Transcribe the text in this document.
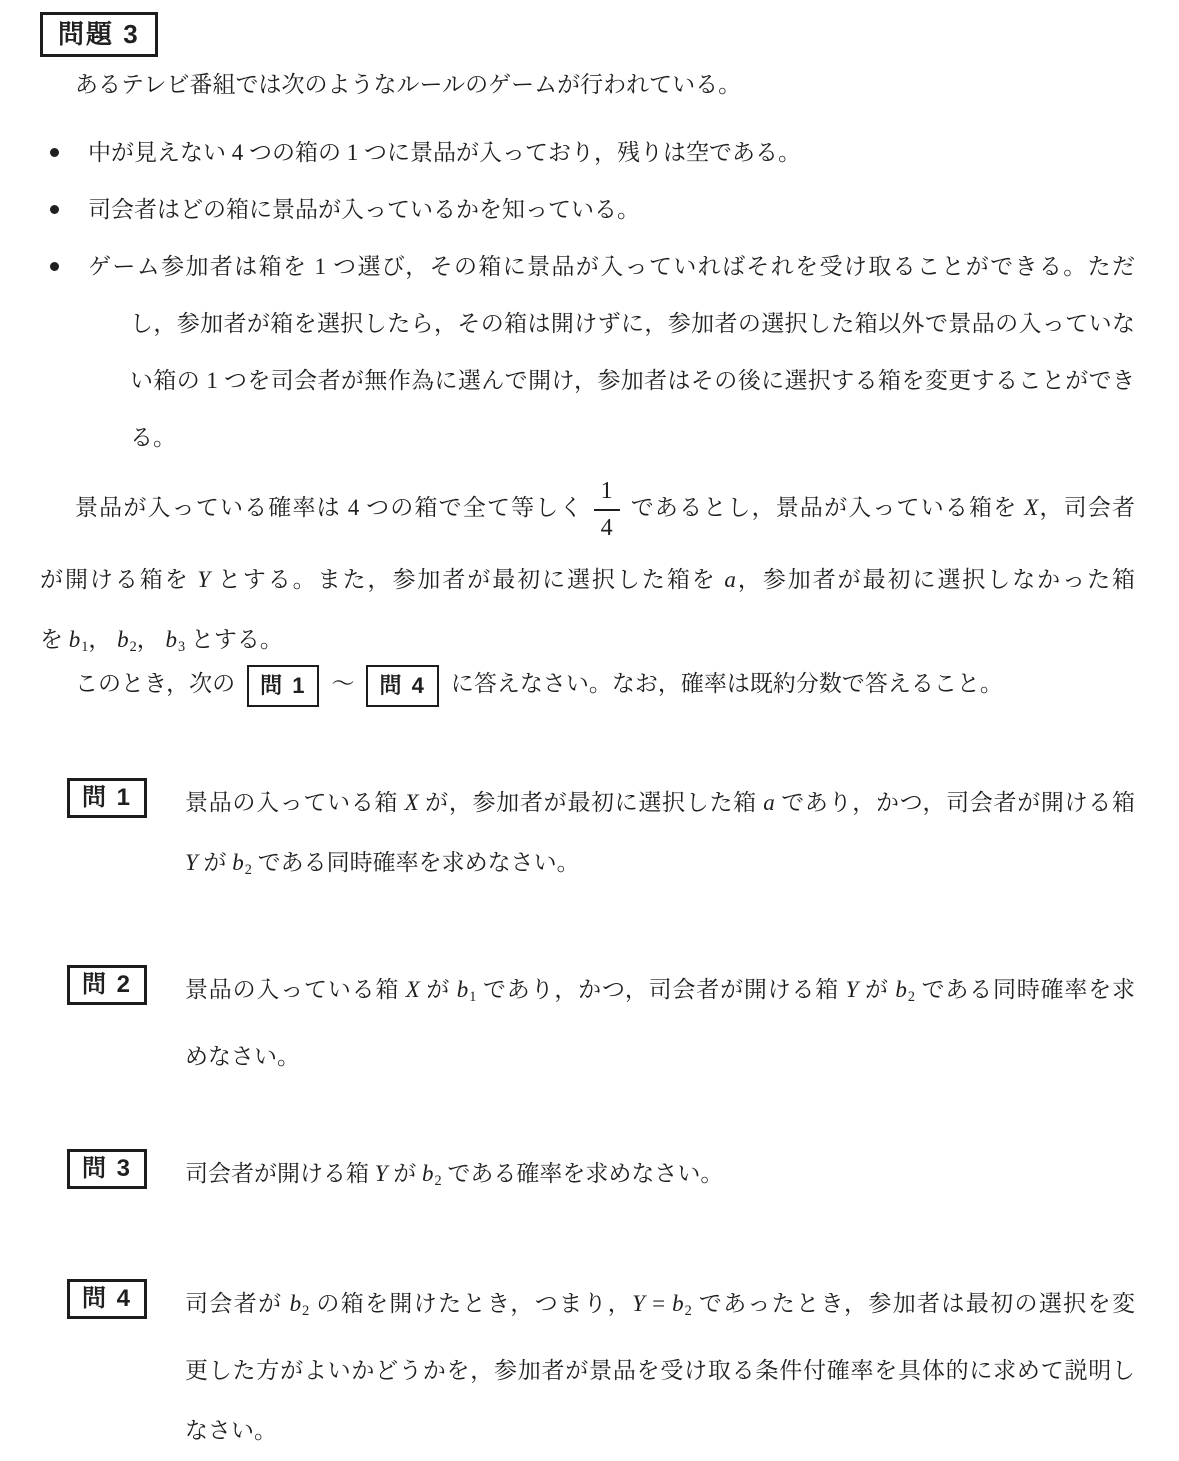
問題 3
あるテレビ番組では次のようなルールのゲームが行われている。
中が見えない 4 つの箱の 1 つに景品が入っており，残りは空である。
司会者はどの箱に景品が入っているかを知っている。
ゲーム参加者は箱を 1 つ選び，その箱に景品が入っていればそれを受け取ることができる。ただ
し，参加者が箱を選択したら，その箱は開けずに，参加者の選択した箱以外で景品の入っていな
い箱の 1 つを司会者が無作為に選んで開け，参加者はその後に選択する箱を変更することができ
る。
景品が入っている確率は 4 つの箱で全て等しく $\frac{1}{4}$ であるとし，景品が入っている箱を X，司会者
が開ける箱を Y とする。また，参加者が最初に選択した箱を a，参加者が最初に選択しなかった箱
を b1， b2， b3 とする。
このとき，次の 問 1 ～ 問 4 に答えなさい。なお，確率は既約分数で答えること。
問 1	景品の入っている箱 X が，参加者が最初に選択した箱 a であり，かつ，司会者が開ける箱
Y が b2 である同時確率を求めなさい。
問 2	景品の入っている箱 X が b1 であり，かつ，司会者が開ける箱 Y が b2 である同時確率を求
めなさい。
問 3	司会者が開ける箱 Y が b2 である確率を求めなさい。
問 4	司会者が b2 の箱を開けたとき，つまり，Y = b2 であったとき，参加者は最初の選択を変
更した方がよいかどうかを，参加者が景品を受け取る条件付確率を具体的に求めて説明し
なさい。
